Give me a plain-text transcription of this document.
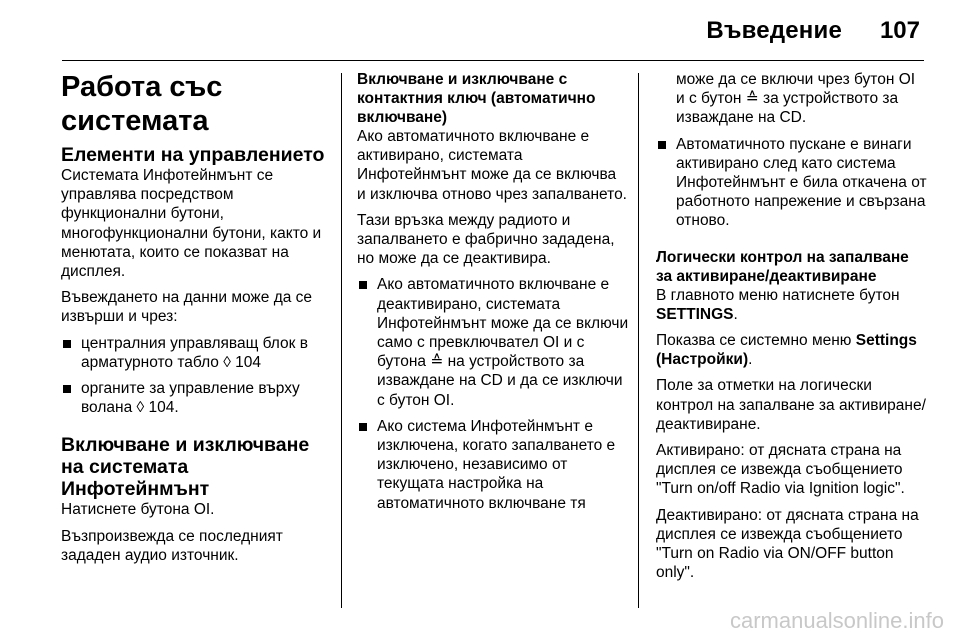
Въведение 107
Работа със системата
Елементи на управлението

Системата Инфотейнмънт се управлява посредством функционални бутони, многофункционални бутони, както и менютата, които се показват на дисплея.

Въвеждането на данни може да се извърши и чрез:

централния управляващ блок в арматурното табло ◊ 104
органите за управление върху волана ◊ 104.
Включване и изключване на системата Инфотейнмънт

Натиснете бутона OI.

Възпроизвежда се последният зададен аудио източник.

Включване и изключване с контактния ключ (автоматично включване)

Ако автоматичното включване е активирано, системата Инфотейнмънт може да се включва и изключва отново чрез запалването.

Тази връзка между радиото и запалването е фабрично зададена, но може да се деактивира.

Ако автоматичното включване е деактивирано, системата Инфотейнмънт може да се включи само с превключвател OI и с бутона ≙ на устройството за изваждане на CD и да се изключи с бутон OI.
Ако система Инфотейнмънт е изключена, когато запалването е изключено, независимо от текущата настройка на автоматичното включване тя
може да се включи чрез бутон OI и с бутон ≙ за устройството за изваждане на CD.
Автоматичното пускане е винаги активирано след като система Инфотейнмънт е била откачена от работното напрежение и свързана отново.
Логически контрол на запалване за активиране/деактивиране

В главното меню натиснете бутон SETTINGS.

Показва се системно меню Settings (Настройки).

Поле за отметки на логически контрол на запалване за активиране/деактивиране.

Активирано: от дясната страна на дисплея се извежда съобщението "Turn on/off Radio via Ignition logic".

Деактивирано: от дясната страна на дисплея се извежда съобщението "Turn on Radio via ON/OFF button only".

carmanualsonline.info
